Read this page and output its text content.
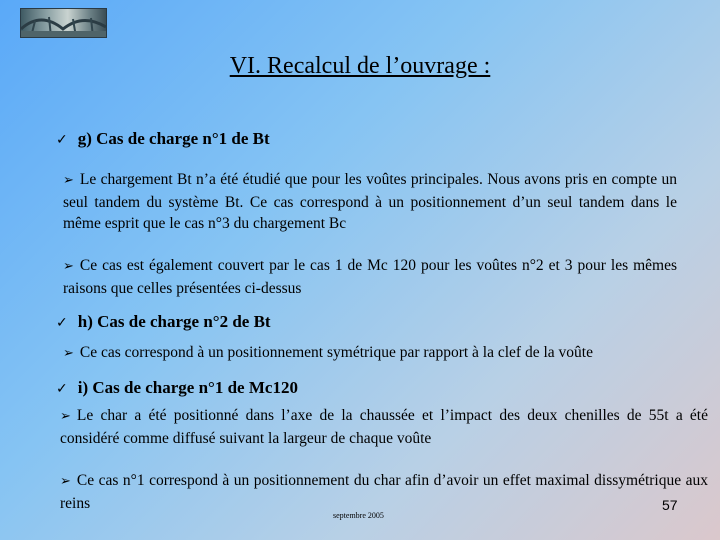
VI. Recalcul de l’ouvrage :
✓ g) Cas de charge n°1 de Bt
➢ Le chargement Bt n’a été étudié que pour les voûtes principales. Nous avons pris en compte un seul tandem du système Bt. Ce cas correspond à un positionnement d’un seul tandem dans le même esprit que le cas n°3 du chargement Bc
➢ Ce cas est également couvert par le cas 1 de Mc 120 pour les voûtes n°2 et 3 pour les mêmes raisons que celles présentées ci-dessus
✓ h) Cas de charge n°2 de Bt
➢ Ce cas correspond à un positionnement symétrique par rapport à la clef de la voûte
✓ i) Cas de charge n°1 de Mc120
➢ Le char a été positionné dans l’axe de la chaussée et l’impact des deux chenilles de 55t a été considéré comme diffusé suivant la largeur de chaque voûte
➢ Ce cas n°1 correspond à un positionnement du char afin d’avoir un effet maximal dissymétrique aux reins
septembre 2005
57
